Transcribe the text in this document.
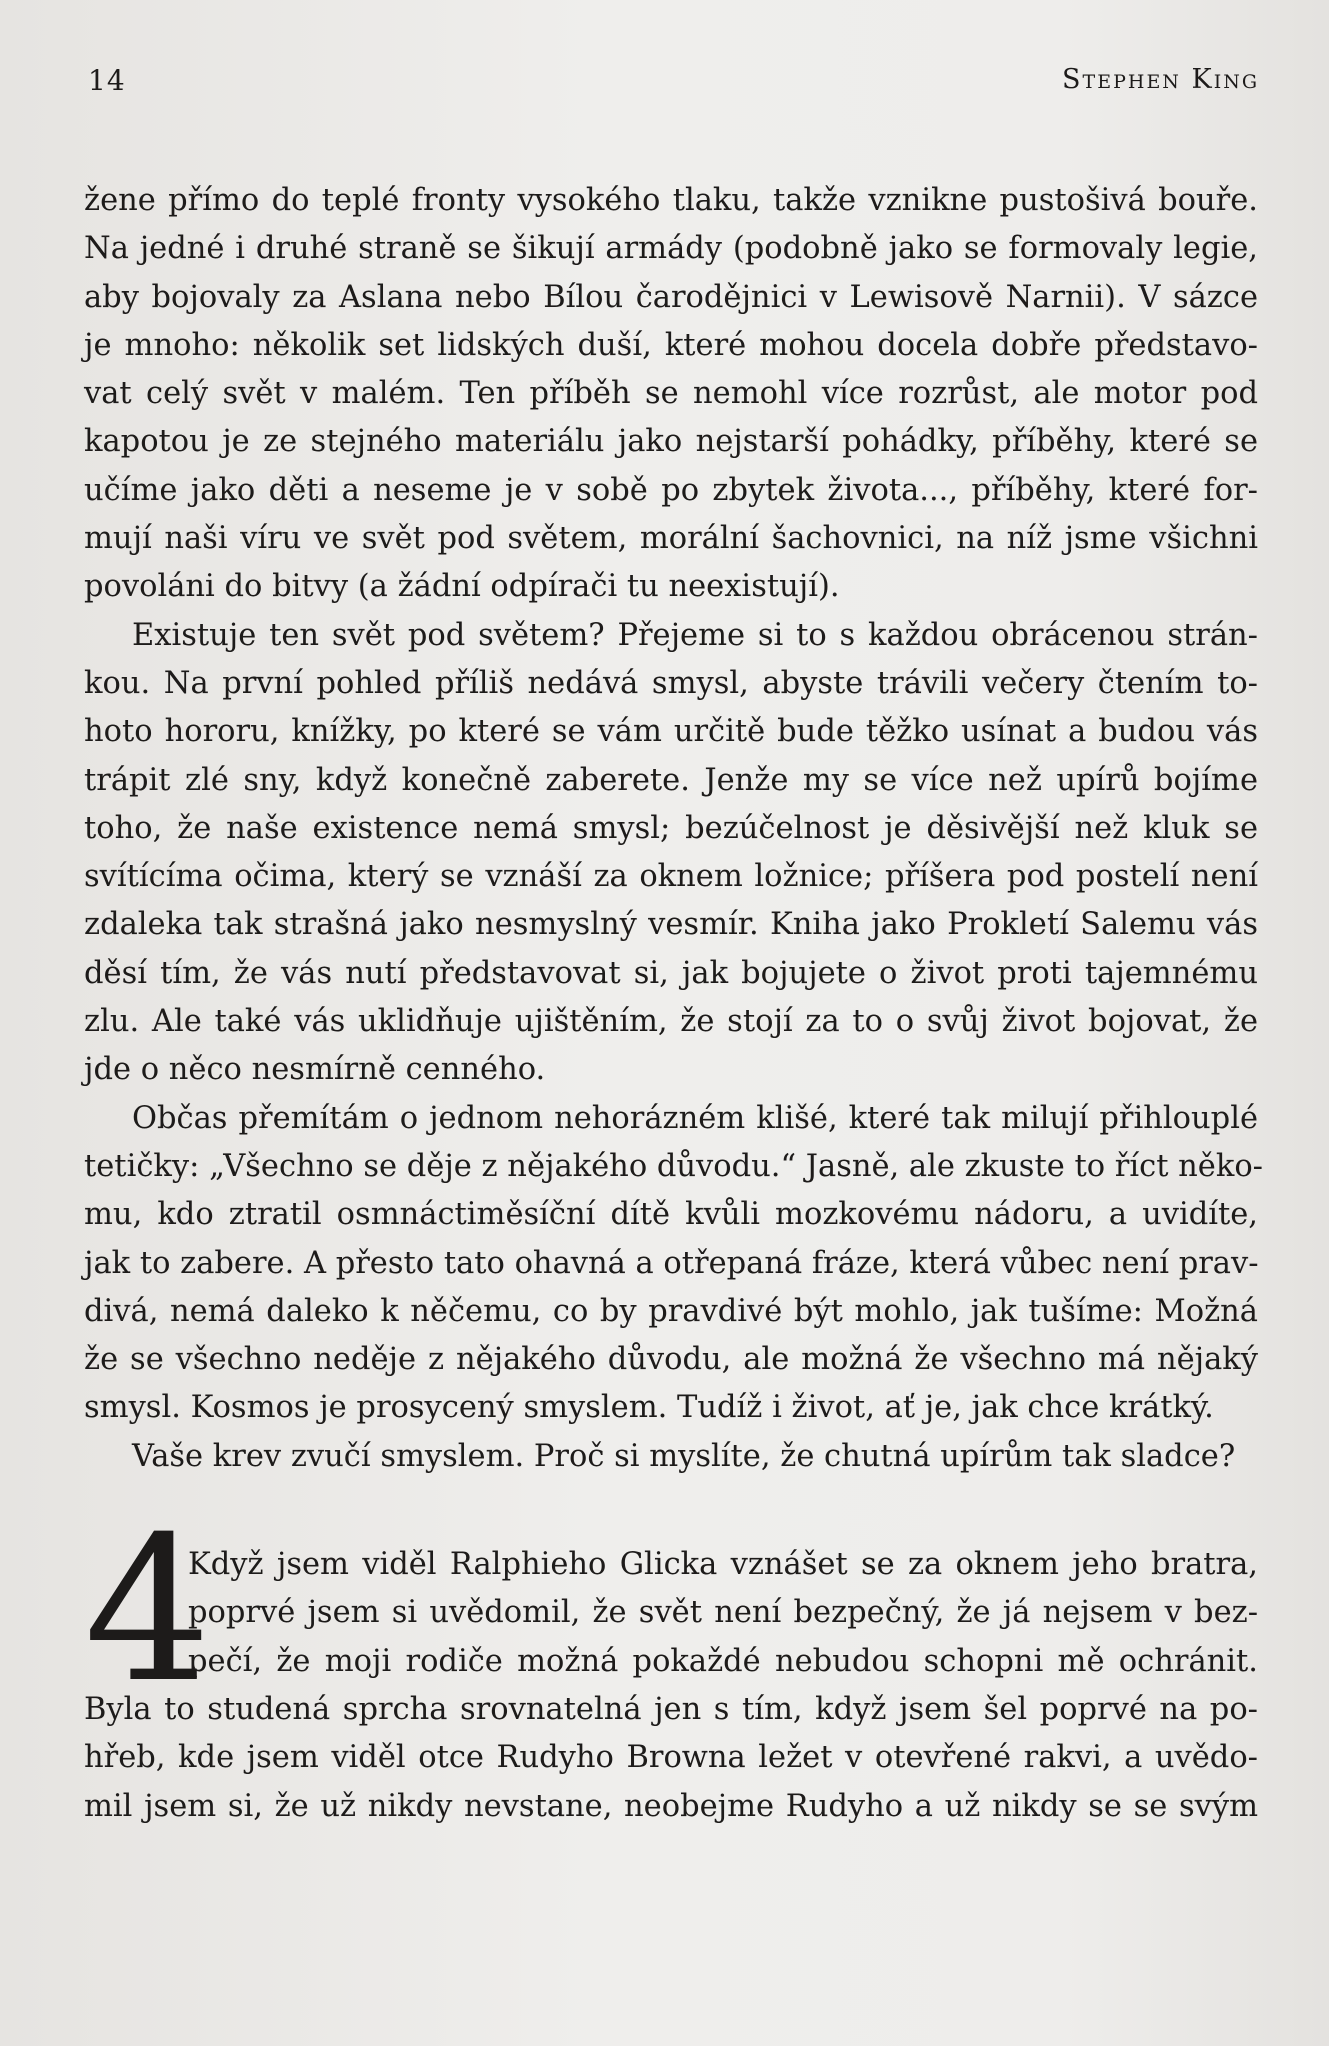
14	Stephen King
žene přímo do teplé fronty vysokého tlaku, takže vznikne pustošivá bouře.
Na jedné i druhé straně se šikují armády (podobně jako se formovaly legie,
aby bojovaly za Aslana nebo Bílou čarodějnici v Lewisově Narnii). V sázce
je mnoho: několik set lidských duší, které mohou docela dobře představo-
vat celý svět v malém. Ten příběh se nemohl více rozrůst, ale motor pod
kapotou je ze stejného materiálu jako nejstarší pohádky, příběhy, které se
učíme jako děti a neseme je v sobě po zbytek života..., příběhy, které for-
mují naši víru ve svět pod světem, morální šachovnici, na níž jsme všichni
povoláni do bitvy (a žádní odpírači tu neexistují).
Existuje ten svět pod světem? Přejeme si to s každou obrácenou strán-
kou. Na první pohled příliš nedává smysl, abyste trávili večery čtením to-
hoto hororu, knížky, po které se vám určitě bude těžko usínat a budou vás
trápit zlé sny, když konečně zaberete. Jenže my se více než upírů bojíme
toho, že naše existence nemá smysl; bezúčelnost je děsivější než kluk se
svítícíma očima, který se vznáší za oknem ložnice; příšera pod postelí není
zdaleka tak strašná jako nesmyslný vesmír. Kniha jako Prokletí Salemu vás
děsí tím, že vás nutí představovat si, jak bojujete o život proti tajemnému
zlu. Ale také vás uklidňuje ujištěním, že stojí za to o svůj život bojovat, že
jde o něco nesmírně cenného.
Občas přemítám o jednom nehorázném klišé, které tak milují přihlouplé
tetičky: „Všechno se děje z nějakého důvodu.“ Jasně, ale zkuste to říct něko-
mu, kdo ztratil osmnáctiměsíční dítě kvůli mozkovému nádoru, a uvidíte,
jak to zabere. A přesto tato ohavná a otřepaná fráze, která vůbec není prav-
divá, nemá daleko k něčemu, co by pravdivé být mohlo, jak tušíme: Možná
že se všechno neděje z nějakého důvodu, ale možná že všechno má nějaký
smysl. Kosmos je prosycený smyslem. Tudíž i život, ať je, jak chce krátký.
Vaše krev zvučí smyslem. Proč si myslíte, že chutná upírům tak sladce?
4
Když jsem viděl Ralphieho Glicka vznášet se za oknem jeho bratra,
poprvé jsem si uvědomil, že svět není bezpečný, že já nejsem v bez-
pečí, že moji rodiče možná pokaždé nebudou schopni mě ochránit.
Byla to studená sprcha srovnatelná jen s tím, když jsem šel poprvé na po-
hřeb, kde jsem viděl otce Rudyho Browna ležet v otevřené rakvi, a uvědo-
mil jsem si, že už nikdy nevstane, neobejme Rudyho a už nikdy se se svým
